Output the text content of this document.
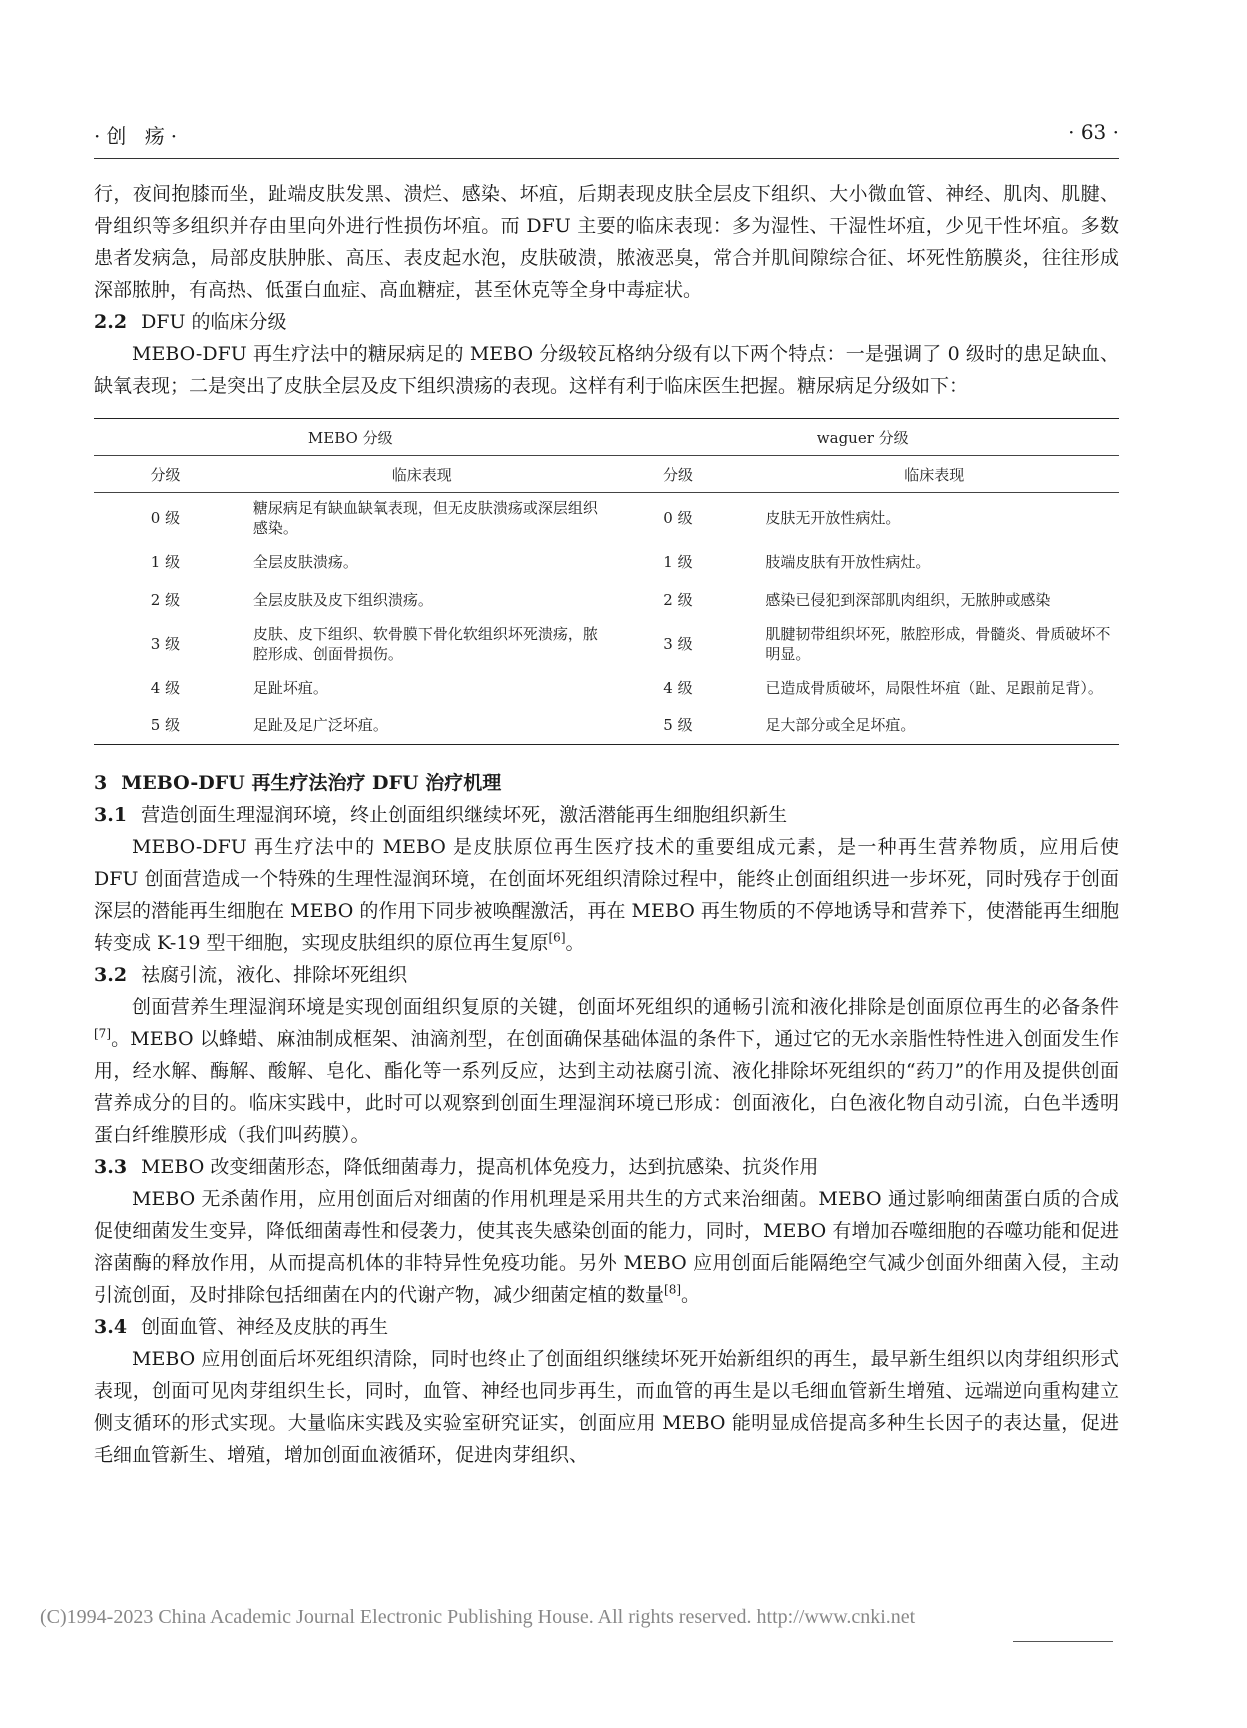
·创 疡·	· 63 ·

行，夜间抱膝而坐，趾端皮肤发黑、溃烂、感染、坏疽，后期表现皮肤全层皮下组织、大小微血管、神经、肌肉、肌腱、骨组织等多组织并存由里向外进行性损伤坏疽。而 DFU 主要的临床表现：多为湿性、干湿性坏疽，少见干性坏疽。多数患者发病急，局部皮肤肿胀、高压、表皮起水泡，皮肤破溃，脓液恶臭，常合并肌间隙综合征、坏死性筋膜炎，往往形成深部脓肿，有高热、低蛋白血症、高血糖症，甚至休克等全身中毒症状。

2.2 DFU 的临床分级

MEBO-DFU 再生疗法中的糖尿病足的 MEBO 分级较瓦格纳分级有以下两个特点：一是强调了 0 级时的患足缺血、缺氧表现；二是突出了皮肤全层及皮下组织溃疡的表现。这样有利于临床医生把握。糖尿病足分级如下：

MEBO 分级		waguer 分级	
分级	临床表现	分级	临床表现
0 级	糖尿病足有缺血缺氧表现，但无皮肤溃疡或深层组织感染。	0 级	皮肤无开放性病灶。
1 级	全层皮肤溃疡。	1 级	肢端皮肤有开放性病灶。
2 级	全层皮肤及皮下组织溃疡。	2 级	感染已侵犯到深部肌肉组织，无脓肿或感染
3 级	皮肤、皮下组织、软骨膜下骨化软组织坏死溃疡，脓腔形成、创面骨损伤。	3 级	肌腱韧带组织坏死，脓腔形成，骨髓炎、骨质破坏不明显。
4 级	足趾坏疽。	4 级	已造成骨质破坏，局限性坏疽（趾、足跟前足背）。
5 级	足趾及足广泛坏疽。	5 级	足大部分或全足坏疽。
3 MEBO-DFU 再生疗法治疗 DFU 治疗机理
3.1 营造创面生理湿润环境，终止创面组织继续坏死，激活潜能再生细胞组织新生

MEBO-DFU 再生疗法中的 MEBO 是皮肤原位再生医疗技术的重要组成元素，是一种再生营养物质，应用后使 DFU 创面营造成一个特殊的生理性湿润环境，在创面坏死组织清除过程中，能终止创面组织进一步坏死，同时残存于创面深层的潜能再生细胞在 MEBO 的作用下同步被唤醒激活，再在 MEBO 再生物质的不停地诱导和营养下，使潜能再生细胞转变成 K-19 型干细胞，实现皮肤组织的原位再生复原[6]。

3.2 祛腐引流，液化、排除坏死组织

创面营养生理湿润环境是实现创面组织复原的关键，创面坏死组织的通畅引流和液化排除是创面原位再生的必备条件[7]。MEBO 以蜂蜡、麻油制成框架、油滴剂型，在创面确保基础体温的条件下，通过它的无水亲脂性特性进入创面发生作用，经水解、酶解、酸解、皂化、酯化等一系列反应，达到主动祛腐引流、液化排除坏死组织的“药刀”的作用及提供创面营养成分的目的。临床实践中，此时可以观察到创面生理湿润环境已形成：创面液化，白色液化物自动引流，白色半透明蛋白纤维膜形成（我们叫药膜）。

3.3 MEBO 改变细菌形态，降低细菌毒力，提高机体免疫力，达到抗感染、抗炎作用

MEBO 无杀菌作用，应用创面后对细菌的作用机理是采用共生的方式来治细菌。MEBO 通过影响细菌蛋白质的合成促使细菌发生变异，降低细菌毒性和侵袭力，使其丧失感染创面的能力，同时，MEBO 有增加吞噬细胞的吞噬功能和促进溶菌酶的释放作用，从而提高机体的非特异性免疫功能。另外 MEBO 应用创面后能隔绝空气减少创面外细菌入侵，主动引流创面，及时排除包括细菌在内的代谢产物，减少细菌定植的数量[8]。

3.4 创面血管、神经及皮肤的再生

MEBO 应用创面后坏死组织清除，同时也终止了创面组织继续坏死开始新组织的再生，最早新生组织以肉芽组织形式表现，创面可见肉芽组织生长，同时，血管、神经也同步再生，而血管的再生是以毛细血管新生增殖、远端逆向重构建立侧支循环的形式实现。大量临床实践及实验室研究证实，创面应用 MEBO 能明显成倍提高多种生长因子的表达量，促进毛细血管新生、增殖，增加创面血液循环，促进肉芽组织、

(C)1994-2023 China Academic Journal Electronic Publishing House. All rights reserved. http://www.cnki.net
